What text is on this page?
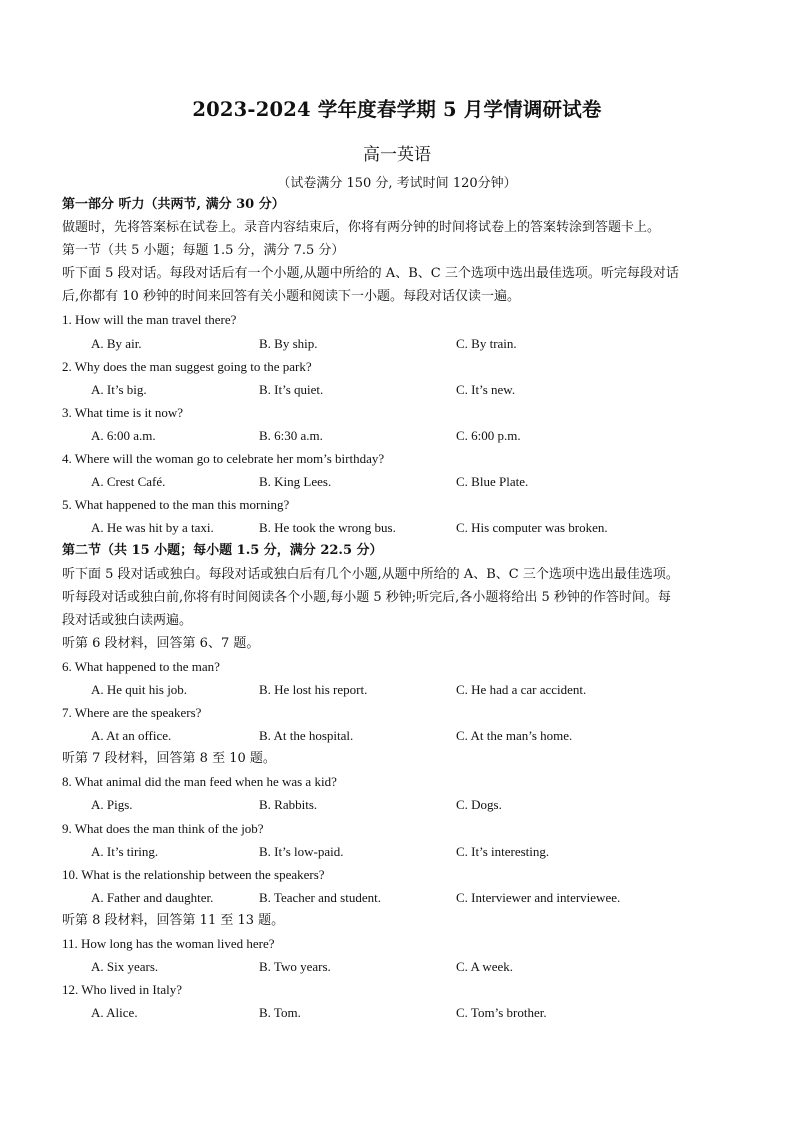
2023-2024 学年度春学期 5 月学情调研试卷
高一英语
（试卷满分 150 分, 考试时间 120分钟）
第一部分 听力（共两节, 满分 30 分）
做题时，先将答案标在试卷上。录音内容结束后，你将有两分钟的时间将试卷上的答案转涂到答题卡上。
第一节（共 5 小题；每题 1.5 分，满分 7.5 分）
听下面 5 段对话。每段对话后有一个小题,从题中所给的 A、B、C 三个选项中选出最佳选项。听完每段对话
后,你都有 10 秒钟的时间来回答有关小题和阅读下一小题。每段对话仅读一遍。
1. How will the man travel there?
A. By air.	B. By ship.	C. By train.
2. Why does the man suggest going to the park?
A. It’s big.	B. It’s quiet.	C. It’s new.
3. What time is it now?
A. 6:00 a.m.	B. 6:30 a.m.	C. 6:00 p.m.
4. Where will the woman go to celebrate her mom’s birthday?
A. Crest Café.	B. King Lees.	C. Blue Plate.
5. What happened to the man this morning?
A. He was hit by a taxi.	B. He took the wrong bus.	C. His computer was broken.
第二节（共 15 小题；每小题 1.5 分，满分 22.5 分）
听下面 5 段对话或独白。每段对话或独白后有几个小题,从题中所给的 A、B、C 三个选项中选出最佳选项。
听每段对话或独白前,你将有时间阅读各个小题,每小题 5 秒钟;听完后,各小题将给出 5 秒钟的作答时间。每
段对话或独白读两遍。
听第 6 段材料，回答第 6、7 题。
6. What happened to the man?
A. He quit his job.	B. He lost his report.	C. He had a car accident.
7. Where are the speakers?
A. At an office.	B. At the hospital.	C. At the man’s home.
听第 7 段材料，回答第 8 至 10 题。
8. What animal did the man feed when he was a kid?
A. Pigs.	B. Rabbits.	C. Dogs.
9. What does the man think of the job?
A. It’s tiring.	B. It’s low-paid.	C. It’s interesting.
10. What is the relationship between the speakers?
A. Father and daughter.	B. Teacher and student.	C. Interviewer and interviewee.
听第 8 段材料，回答第 11 至 13 题。
11. How long has the woman lived here?
A. Six years.	B. Two years.	C. A week.
12. Who lived in Italy?
A. Alice.	B. Tom.	C. Tom’s brother.
